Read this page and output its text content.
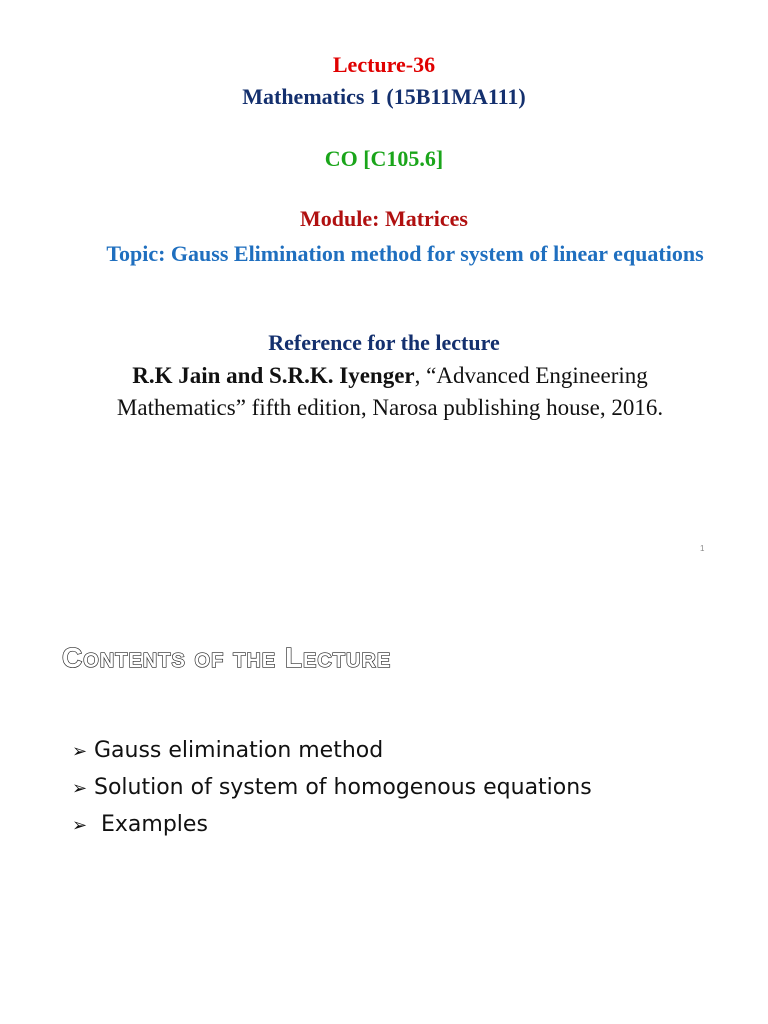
Lecture-36
Mathematics 1 (15B11MA111)
CO [C105.6]
Module: Matrices
Topic: Gauss Elimination method for system of linear equations
Reference for the lecture
R.K Jain and S.R.K. Iyenger, “Advanced Engineering Mathematics” fifth edition, Narosa publishing house, 2016.
1
Contents of the Lecture
➢ Gauss elimination method
➢ Solution of system of homogenous equations
➢ Examples
